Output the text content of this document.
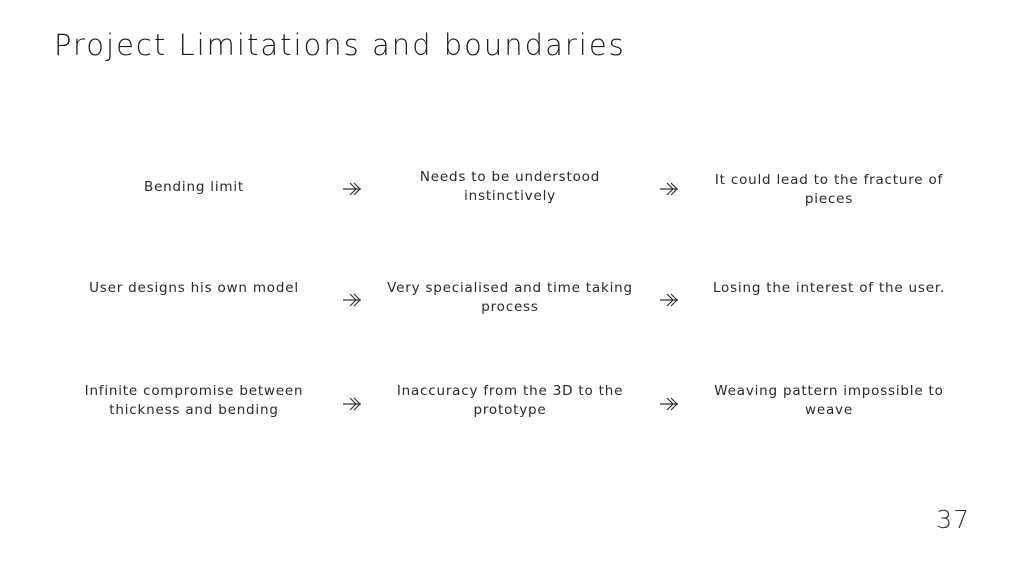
Project Limitations and boundaries
Bending limit
Needs to be understood instinctively
It could lead to the fracture of pieces
User designs his own model	Very specialised and time taking process
Losing the interest of the user.
Infinite compromise between thickness and bending
Inaccuracy from the 3D to the prototype
Weaving pattern impossible to weave
37
